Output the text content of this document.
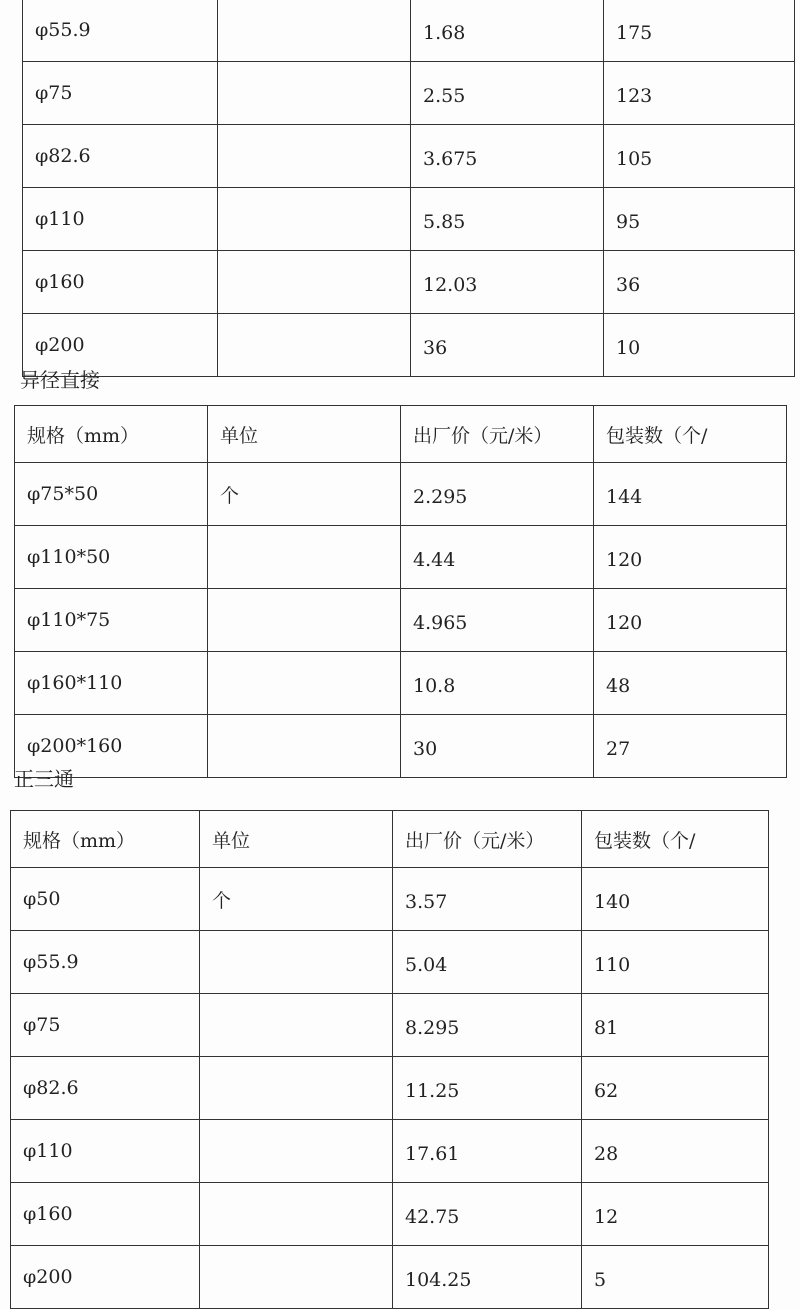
φ55.9		1.68	175
φ75		2.55	123
φ82.6		3.675	105
φ110		5.85	95
φ160		12.03	36
φ200		36	10
异径直接
规格（mm）	单位	出厂价（元/米）	包装数（个/
φ75*50	个	2.295	144
φ110*50		4.44	120
φ110*75		4.965	120
φ160*110		10.8	48
φ200*160		30	27
正三通
规格（mm）	单位	出厂价（元/米）	包装数（个/
φ50	个	3.57	140
φ55.9		5.04	110
φ75		8.295	81
φ82.6		11.25	62
φ110		17.61	28
φ160		42.75	12
φ200		104.25	5
